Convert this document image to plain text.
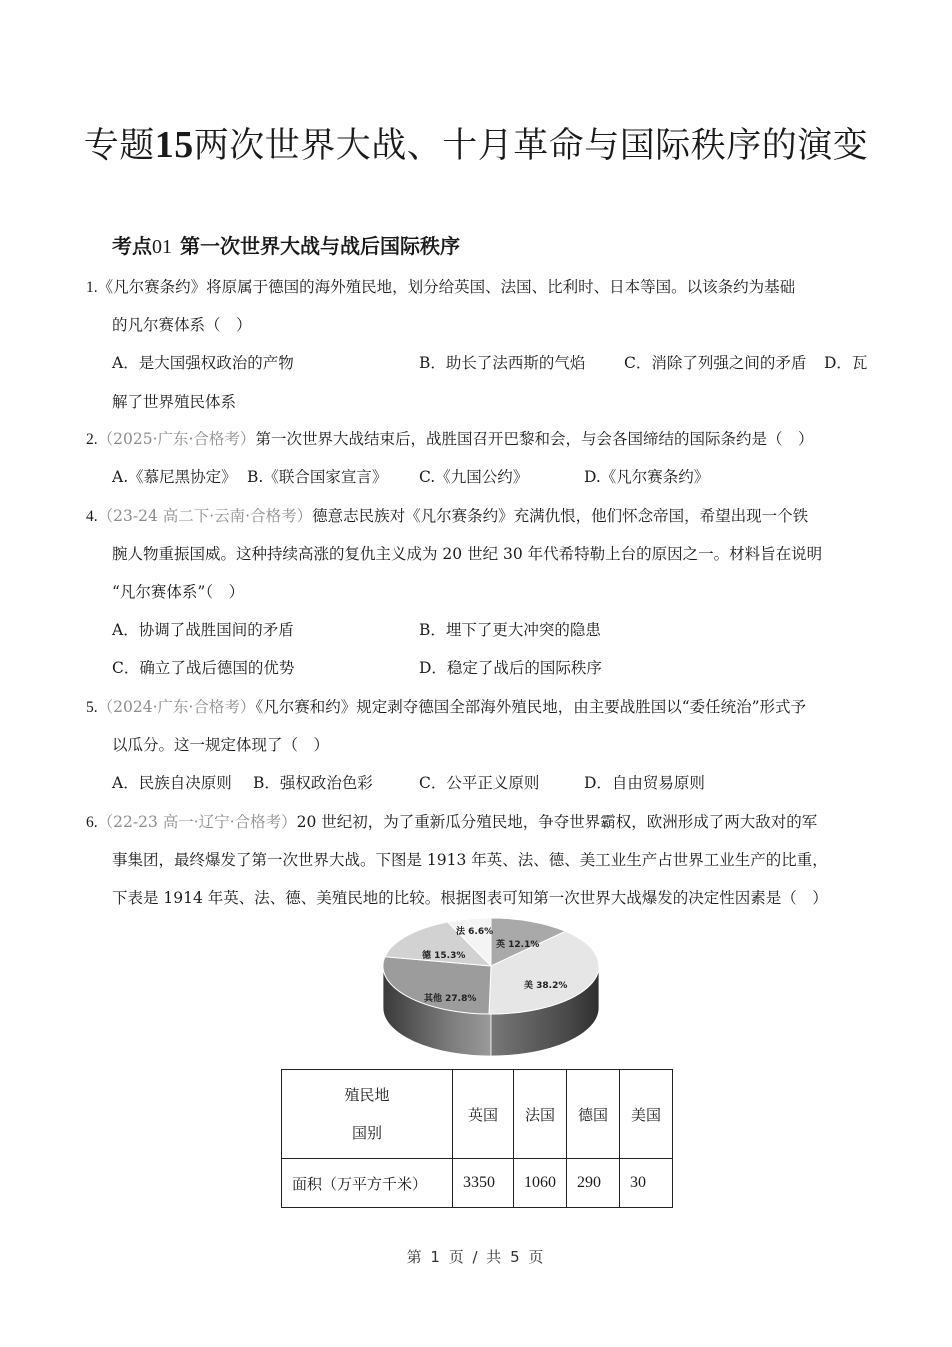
专题15两次世界大战、十月革命与国际秩序的演变
考点01 第一次世界大战与战后国际秩序
1.《凡尔赛条约》将原属于德国的海外殖民地，划分给英国、法国、比利时、日本等国。以该条约为基础
的凡尔赛体系（　）
A．是大国强权政治的产物	B．助长了法西斯的气焰 C．消除了列强之间的矛盾 D．瓦
解了世界殖民体系
2.（2025·广东·合格考）第一次世界大战结束后，战胜国召开巴黎和会，与会各国缔结的国际条约是（　）
A.《慕尼黑协定》 B.《联合国家宣言》 C.《九国公约》	D.《凡尔赛条约》
4.（23-24 高二下·云南·合格考）德意志民族对《凡尔赛条约》充满仇恨，他们怀念帝国，希望出现一个铁
腕人物重振国威。这种持续高涨的复仇主义成为 20 世纪 30 年代希特勒上台的原因之一。材料旨在说明
“凡尔赛体系”（　）
A．协调了战胜国间的矛盾	B．埋下了更大冲突的隐患
C．确立了战后德国的优势	D．稳定了战后的国际秩序
5.（2024·广东·合格考）《凡尔赛和约》规定剥夺德国全部海外殖民地，由主要战胜国以“委任统治”形式予
以瓜分。这一规定体现了（　）
A．民族自决原则 B．强权政治色彩	C．公平正义原则	D．自由贸易原则
6.（22-23 高一·辽宁·合格考）20 世纪初，为了重新瓜分殖民地，争夺世界霸权，欧洲形成了两大敌对的军
事集团，最终爆发了第一次世界大战。下图是 1913 年英、法、德、美工业生产占世界工业生产的比重，
下表是 1914 年英、法、德、美殖民地的比较。根据图表可知第一次世界大战爆发的决定性因素是（　）
法 6.6%
英 12.1%
德 15.3%
美 38.2%
其他 27.8%
殖民地
国别	英国	法国	德国	美国
面积（万平方千米）	3350	1060	290	30
第 1 页 / 共 5 页
